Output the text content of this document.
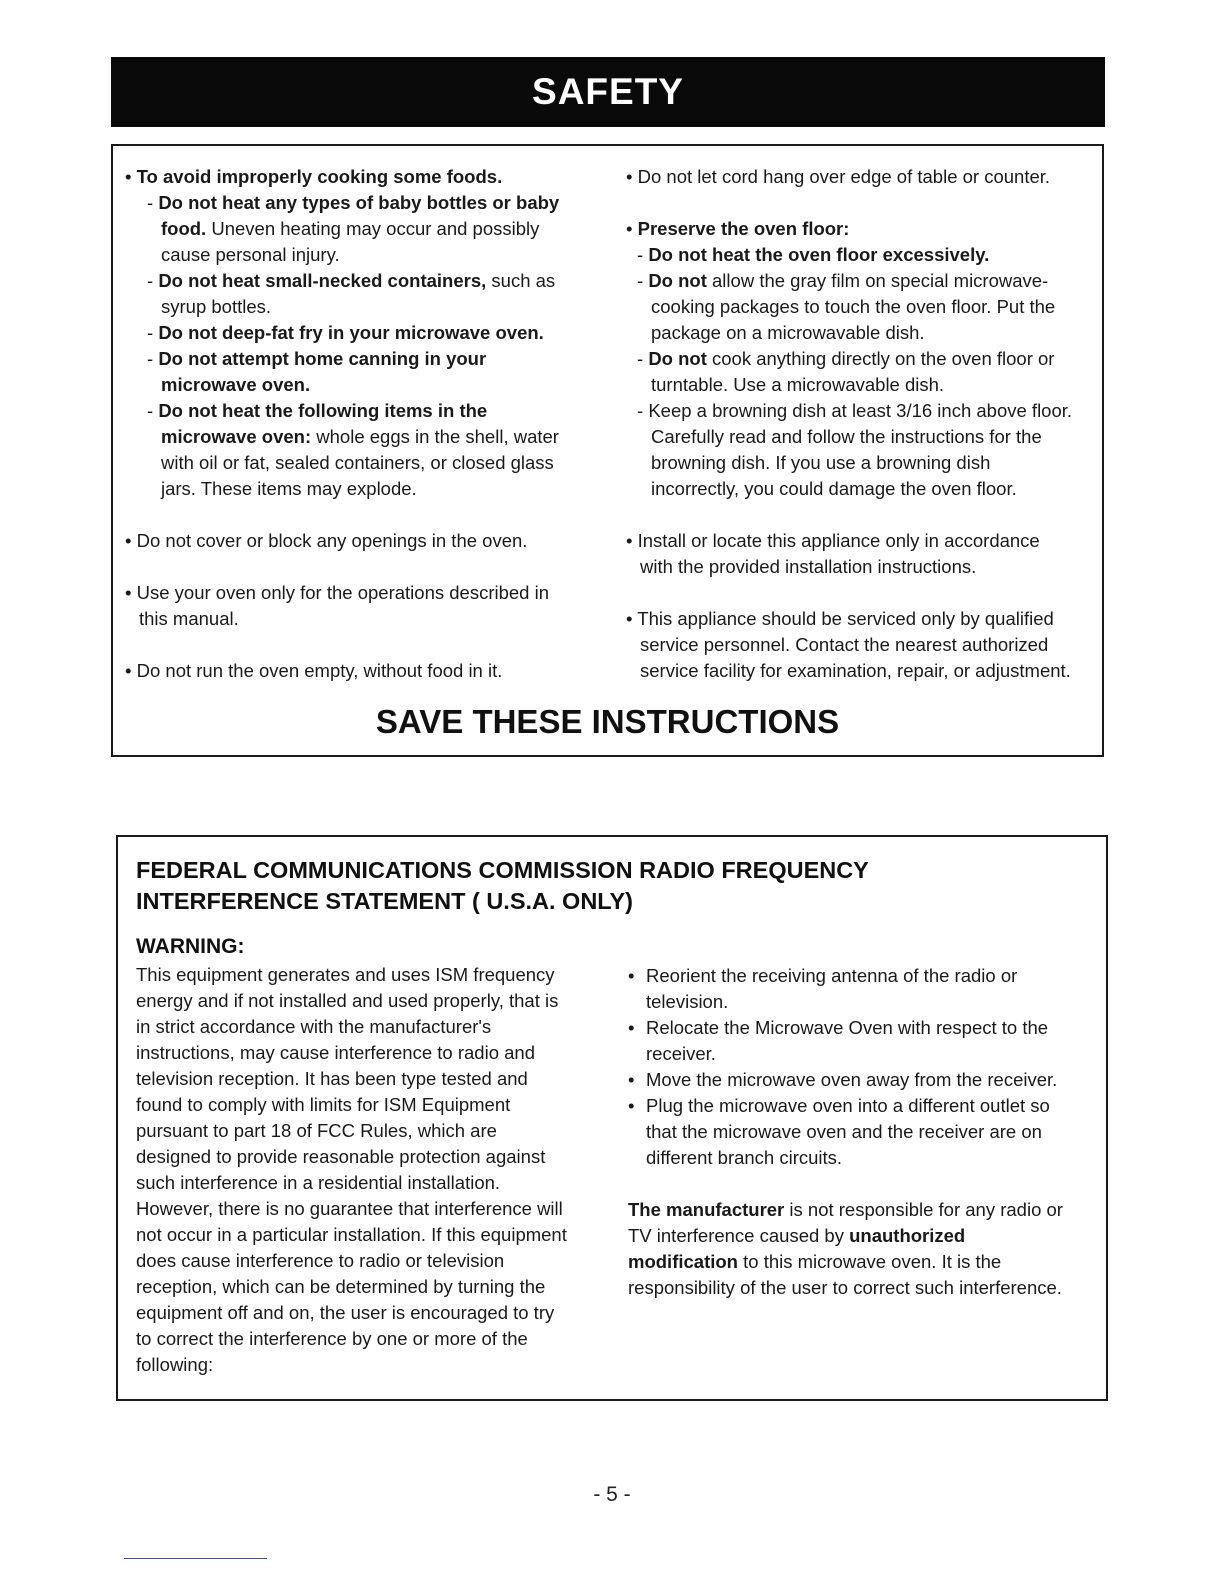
SAFETY
• To avoid improperly cooking some foods.
- Do not heat any types of baby bottles or baby
food. Uneven heating may occur and possibly
cause personal injury.
- Do not heat small-necked containers, such as
syrup bottles.
- Do not deep-fat fry in your microwave oven.
- Do not attempt home canning in your
microwave oven.
- Do not heat the following items in the
microwave oven: whole eggs in the shell, water
with oil or fat, sealed containers, or closed glass
jars. These items may explode.
• Do not cover or block any openings in the oven.
• Use your oven only for the operations described in
this manual.
• Do not run the oven empty, without food in it.
• Do not let cord hang over edge of table or counter.
• Preserve the oven floor:
- Do not heat the oven floor excessively.
- Do not allow the gray film on special microwave-
cooking packages to touch the oven floor. Put the
package on a microwavable dish.
- Do not cook anything directly on the oven floor or
turntable. Use a microwavable dish.
- Keep a browning dish at least 3/16 inch above floor.
Carefully read and follow the instructions for the
browning dish. If you use a browning dish
incorrectly, you could damage the oven floor.
• Install or locate this appliance only in accordance
with the provided installation instructions.
• This appliance should be serviced only by qualified
service personnel. Contact the nearest authorized
service facility for examination, repair, or adjustment.
SAVE THESE INSTRUCTIONS
FEDERAL COMMUNICATIONS COMMISSION RADIO FREQUENCY
INTERFERENCE STATEMENT ( U.S.A. ONLY)
WARNING:
This equipment generates and uses ISM frequency
energy and if not installed and used properly, that is
in strict accordance with the manufacturer's
instructions, may cause interference to radio and
television reception. It has been type tested and
found to comply with limits for ISM Equipment
pursuant to part 18 of FCC Rules, which are
designed to provide reasonable protection against
such interference in a residential installation.
However, there is no guarantee that interference will
not occur in a particular installation. If this equipment
does cause interference to radio or television
reception, which can be determined by turning the
equipment off and on, the user is encouraged to try
to correct the interference by one or more of the
following:
• Reorient the receiving antenna of the radio or
television.
• Relocate the Microwave Oven with respect to the
receiver.
• Move the microwave oven away from the receiver.
• Plug the microwave oven into a different outlet so
that the microwave oven and the receiver are on
different branch circuits.
The manufacturer is not responsible for any radio or
TV interference caused by unauthorized
modification to this microwave oven. It is the
responsibility of the user to correct such interference.
- 5 -
